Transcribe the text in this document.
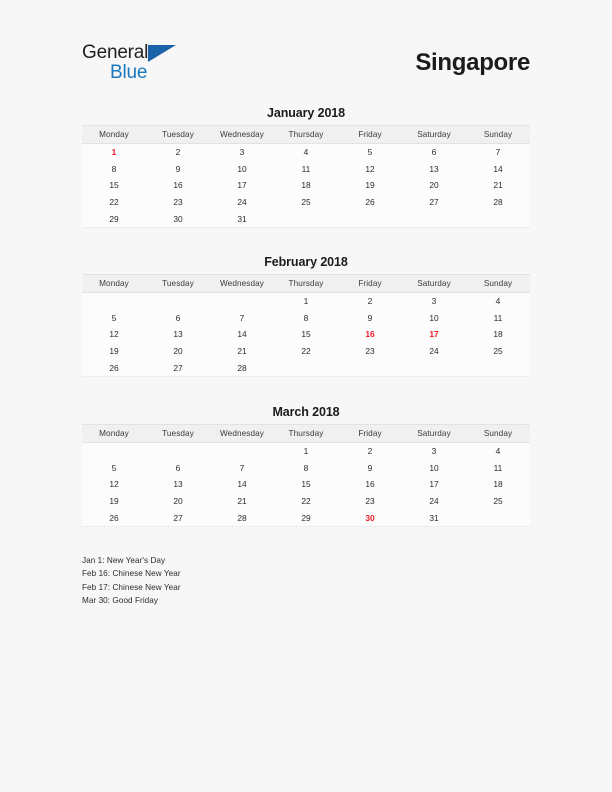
General
Blue	Singapore
January 2018
Monday	Tuesday	Wednesday	Thursday	Friday	Saturday	Sunday
1	2	3	4	5	6	7
8	9	10	11	12	13	14
15	16	17	18	19	20	21
22	23	24	25	26	27	28
29	30	31				
February 2018
Monday	Tuesday	Wednesday	Thursday	Friday	Saturday	Sunday
			1	2	3	4
5	6	7	8	9	10	11
12	13	14	15	16	17	18
19	20	21	22	23	24	25
26	27	28				
March 2018
Monday	Tuesday	Wednesday	Thursday	Friday	Saturday	Sunday
			1	2	3	4
5	6	7	8	9	10	11
12	13	14	15	16	17	18
19	20	21	22	23	24	25
26	27	28	29	30	31	
Jan 1: New Year's Day
Feb 16: Chinese New Year
Feb 17: Chinese New Year
Mar 30: Good Friday
